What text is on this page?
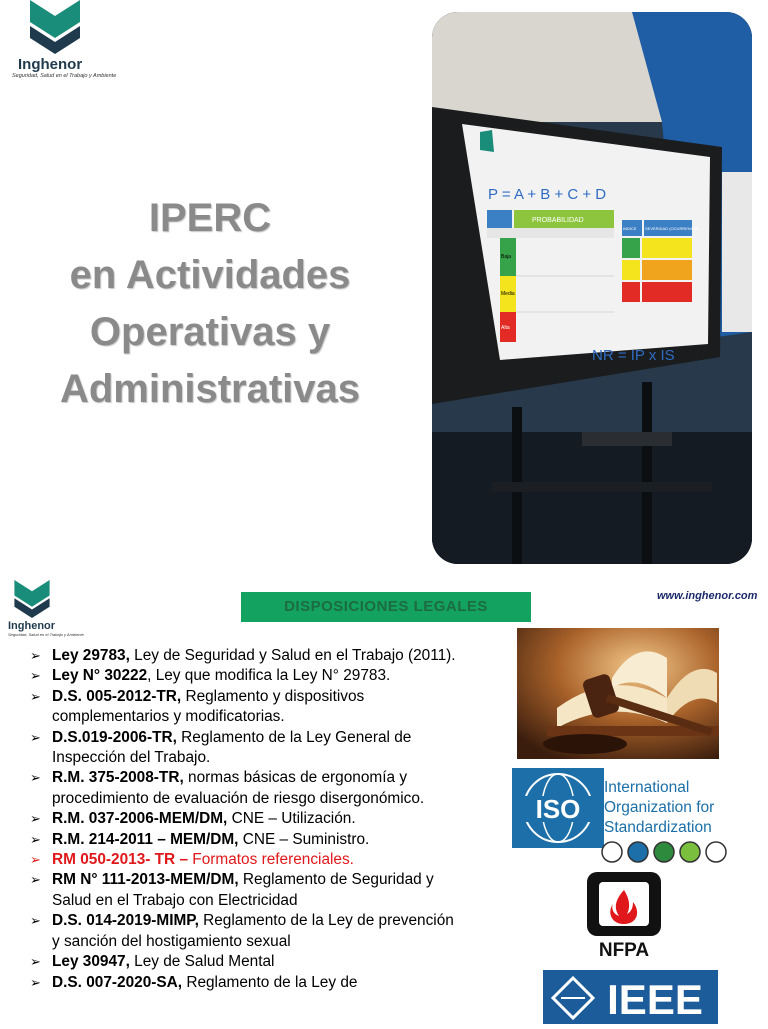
Inghenor
Seguridad, Salud en el Trabajo y Ambiente
IPERC
en Actividades
Operativas y
Administrativas
P = A + B + C + D
PROBABILIDAD
Baja
Media
Alta
SEVERIDAD (OCURRENCIA)
INDICE
NR = IP x IS
Inghenor
Seguridad, Salud en el Trabajo y Ambiente
DISPOSICIONES LEGALES
www.inghenor.com
➢ Ley 29783, Ley de Seguridad y Salud en el Trabajo (2011).
➢ Ley N° 30222, Ley que modifica la Ley N° 29783.
➢ D.S. 005-2012-TR, Reglamento y dispositivos complementarios y modificatorias.
➢ D.S.019-2006-TR, Reglamento de la Ley General de Inspección del Trabajo.
➢ R.M. 375-2008-TR, normas básicas de ergonomía y procedimiento de evaluación de riesgo disergonómico.
➢ R.M. 037-2006-MEM/DM, CNE – Utilización.
➢ R.M. 214-2011 – MEM/DM, CNE – Suministro.
➢ RM 050-2013- TR – Formatos referenciales.
➢ RM N° 111-2013-MEM/DM, Reglamento de Seguridad y Salud en el Trabajo con Electricidad
➢ D.S. 014-2019-MIMP, Reglamento de la Ley de prevención y sanción del hostigamiento sexual
➢ Ley 30947, Ley de Salud Mental
➢ D.S. 007-2020-SA, Reglamento de la Ley de
ISO
International
Organization for
Standardization
NFPA
IEEE
